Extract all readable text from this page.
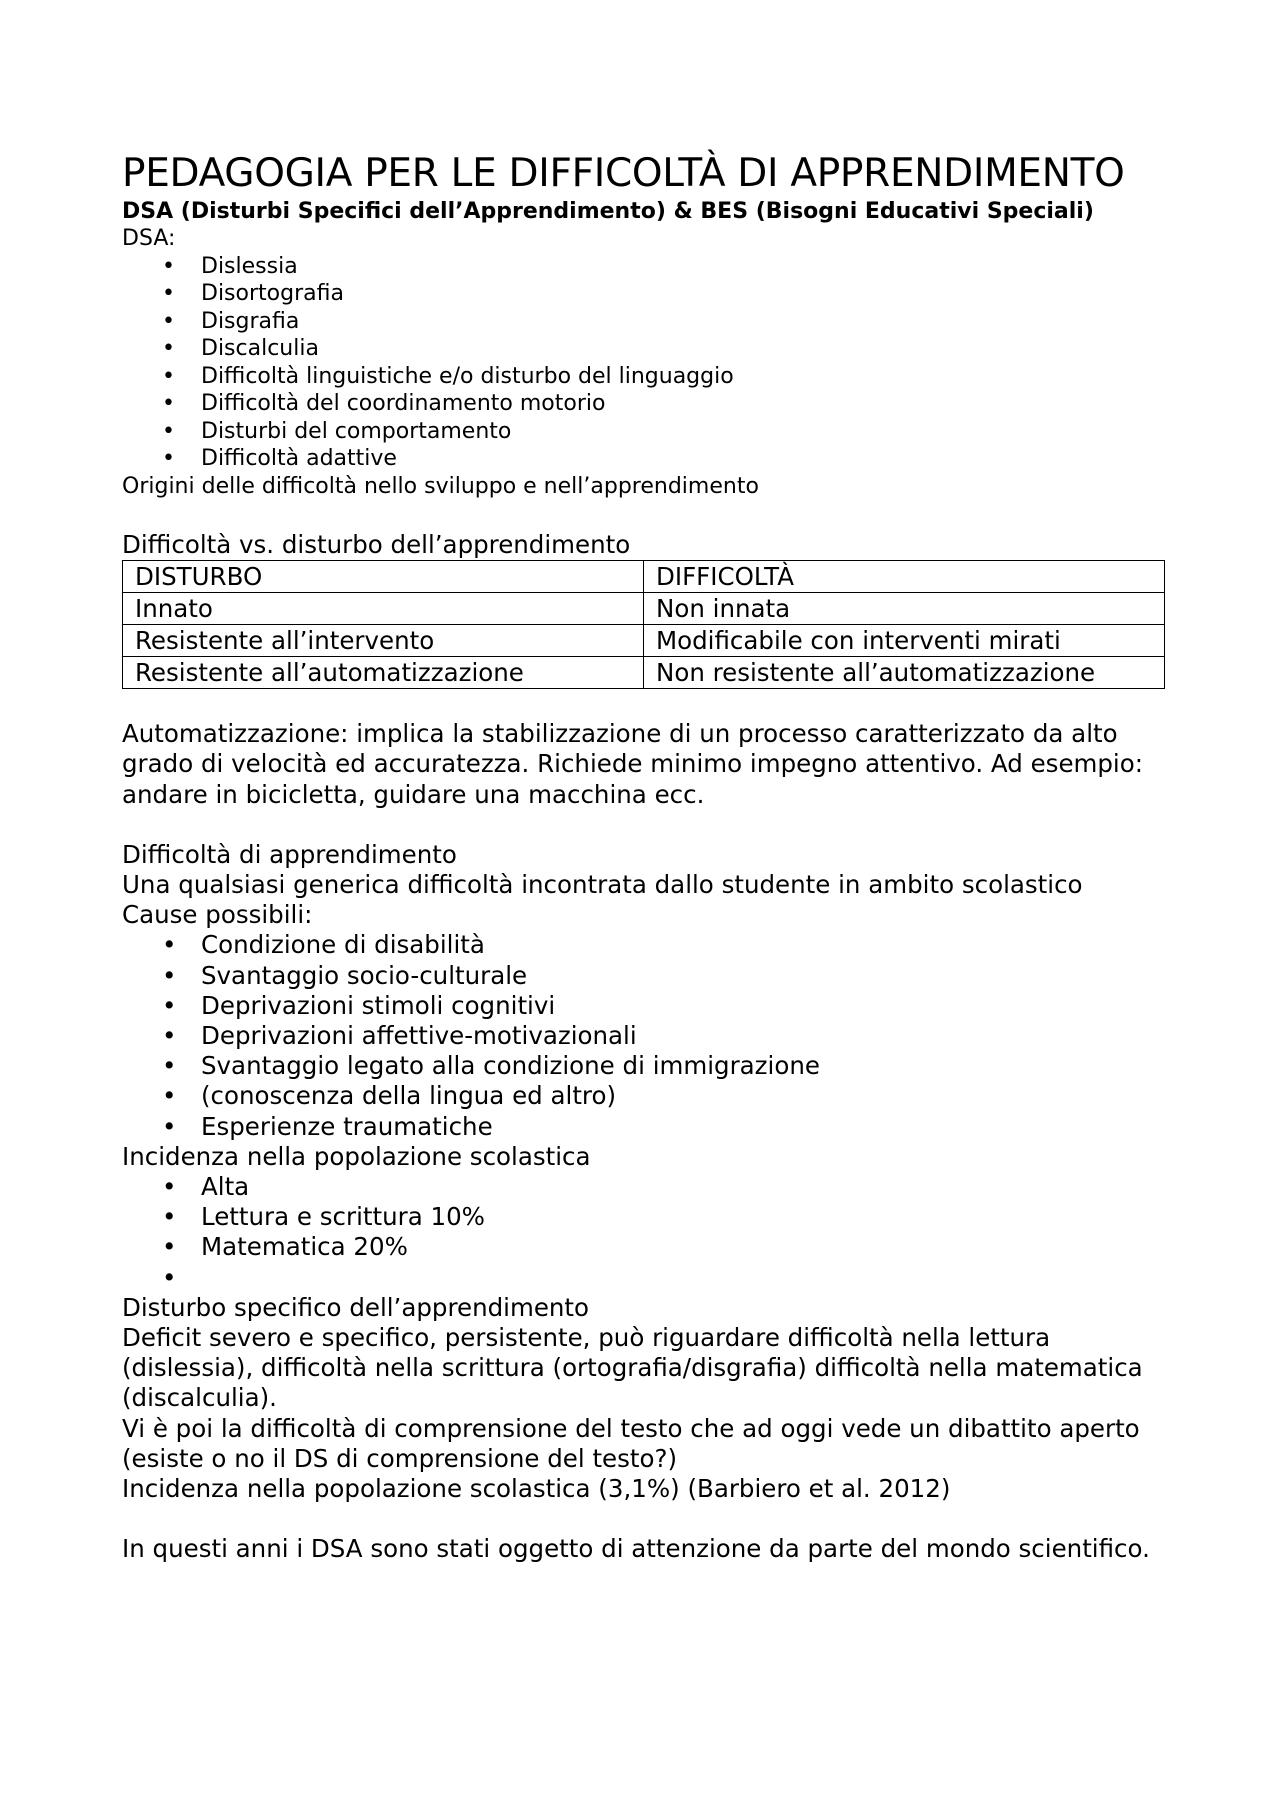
PEDAGOGIA PER LE DIFFICOLTÀ DI APPRENDIMENTO

DSA (Disturbi Specifici dell’Apprendimento) & BES (Bisogni Educativi Speciali)

DSA:

• Dislessia
• Disortografia
• Disgrafia
• Discalculia
• Difficoltà linguistiche e/o disturbo del linguaggio
• Difficoltà del coordinamento motorio
• Disturbi del comportamento
• Difficoltà adattive

Origini delle difficoltà nello sviluppo e nell’apprendimento

Difficoltà vs. disturbo dell’apprendimento

DISTURBO	DIFFICOLTÀ
Innato	Non innata
Resistente all’intervento	Modificabile con interventi mirati
Resistente all’automatizzazione	Non resistente all’automatizzazione

Automatizzazione: implica la stabilizzazione di un processo caratterizzato da alto grado di velocità ed accuratezza. Richiede minimo impegno attentivo. Ad esempio: andare in bicicletta, guidare una macchina ecc.

Difficoltà di apprendimento

Una qualsiasi generica difficoltà incontrata dallo studente in ambito scolastico

Cause possibili:

• Condizione di disabilità
• Svantaggio socio-culturale
• Deprivazioni stimoli cognitivi
• Deprivazioni affettive-motivazionali
• Svantaggio legato alla condizione di immigrazione
• (conoscenza della lingua ed altro)
• Esperienze traumatiche

Incidenza nella popolazione scolastica

• Alta
• Lettura e scrittura 10%
• Matematica 20%
•

Disturbo specifico dell’apprendimento

Deficit severo e specifico, persistente, può riguardare difficoltà nella lettura (dislessia), difficoltà nella scrittura (ortografia/disgrafia) difficoltà nella matematica (discalculia).

Vi è poi la difficoltà di comprensione del testo che ad oggi vede un dibattito aperto (esiste o no il DS di comprensione del testo?)

Incidenza nella popolazione scolastica (3,1%) (Barbiero et al. 2012)

In questi anni i DSA sono stati oggetto di attenzione da parte del mondo scientifico.
